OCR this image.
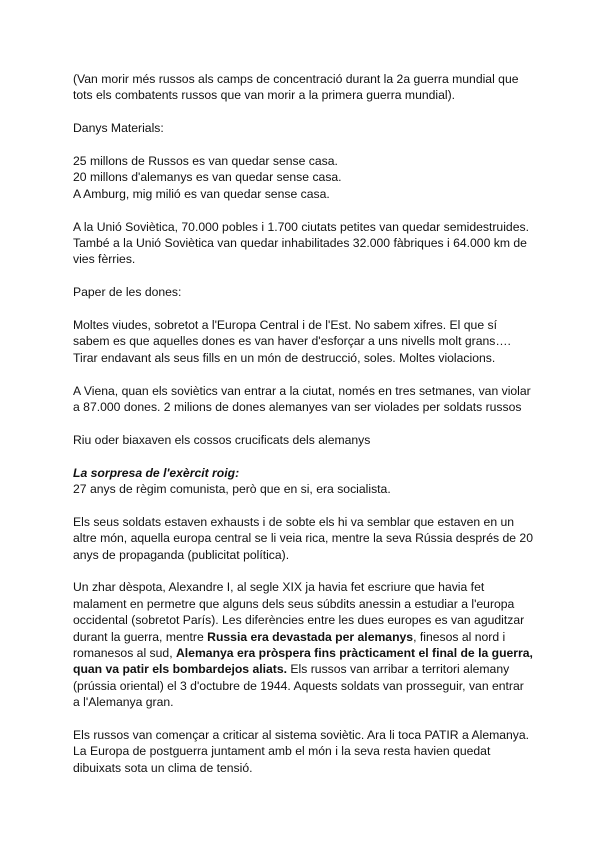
(Van morir més russos als camps de concentració durant la 2a guerra mundial que tots els combatents russos que van morir a la primera guerra mundial).

Danys Materials:

25 millons de Russos es van quedar sense casa.

20 millons d'alemanys es van quedar sense casa.

A Amburg, mig milió es van quedar sense casa.

A la Unió Soviètica, 70.000 pobles i 1.700 ciutats petites van quedar semidestruides. També a la Unió Soviètica van quedar inhabilitades 32.000 fàbriques i 64.000 km de vies fèrries.

Paper de les dones:

Moltes viudes, sobretot a l'Europa Central i de l'Est. No sabem xifres. El que sí sabem es que aquelles dones es van haver d'esforçar a uns nivells molt grans…. Tirar endavant als seus fills en un món de destrucció, soles. Moltes violacions.

A Viena, quan els soviètics van entrar a la ciutat, només en tres setmanes, van violar a 87.000 dones. 2 milions de dones alemanyes van ser violades per soldats russos

Riu oder biaxaven els cossos crucificats dels alemanys

La sorpresa de l'exèrcit roig:

27 anys de règim comunista, però que en si, era socialista.

Els seus soldats estaven exhausts i de sobte els hi va semblar que estaven en un altre món, aquella europa central se li veia rica, mentre la seva Rússia després de 20 anys de propaganda (publicitat política).

Un zhar dèspota, Alexandre I, al segle XIX ja havia fet escriure que havia fet malament en permetre que alguns dels seus súbdits anessin a estudiar a l'europa occidental (sobretot París). Les diferències entre les dues europes es van aguditzar durant la guerra, mentre Russia era devastada per alemanys, finesos al nord i romanesos al sud, Alemanya era pròspera fins pràcticament el final de la guerra, quan va patir els bombardejos aliats. Els russos van arribar a territori alemany (prússia oriental) el 3 d'octubre de 1944. Aquests soldats van prosseguir, van entrar a l'Alemanya gran.

Els russos van començar a criticar al sistema soviètic. Ara li toca PATIR a Alemanya. La Europa de postguerra juntament amb el món i la seva resta havien quedat dibuixats sota un clima de tensió.
